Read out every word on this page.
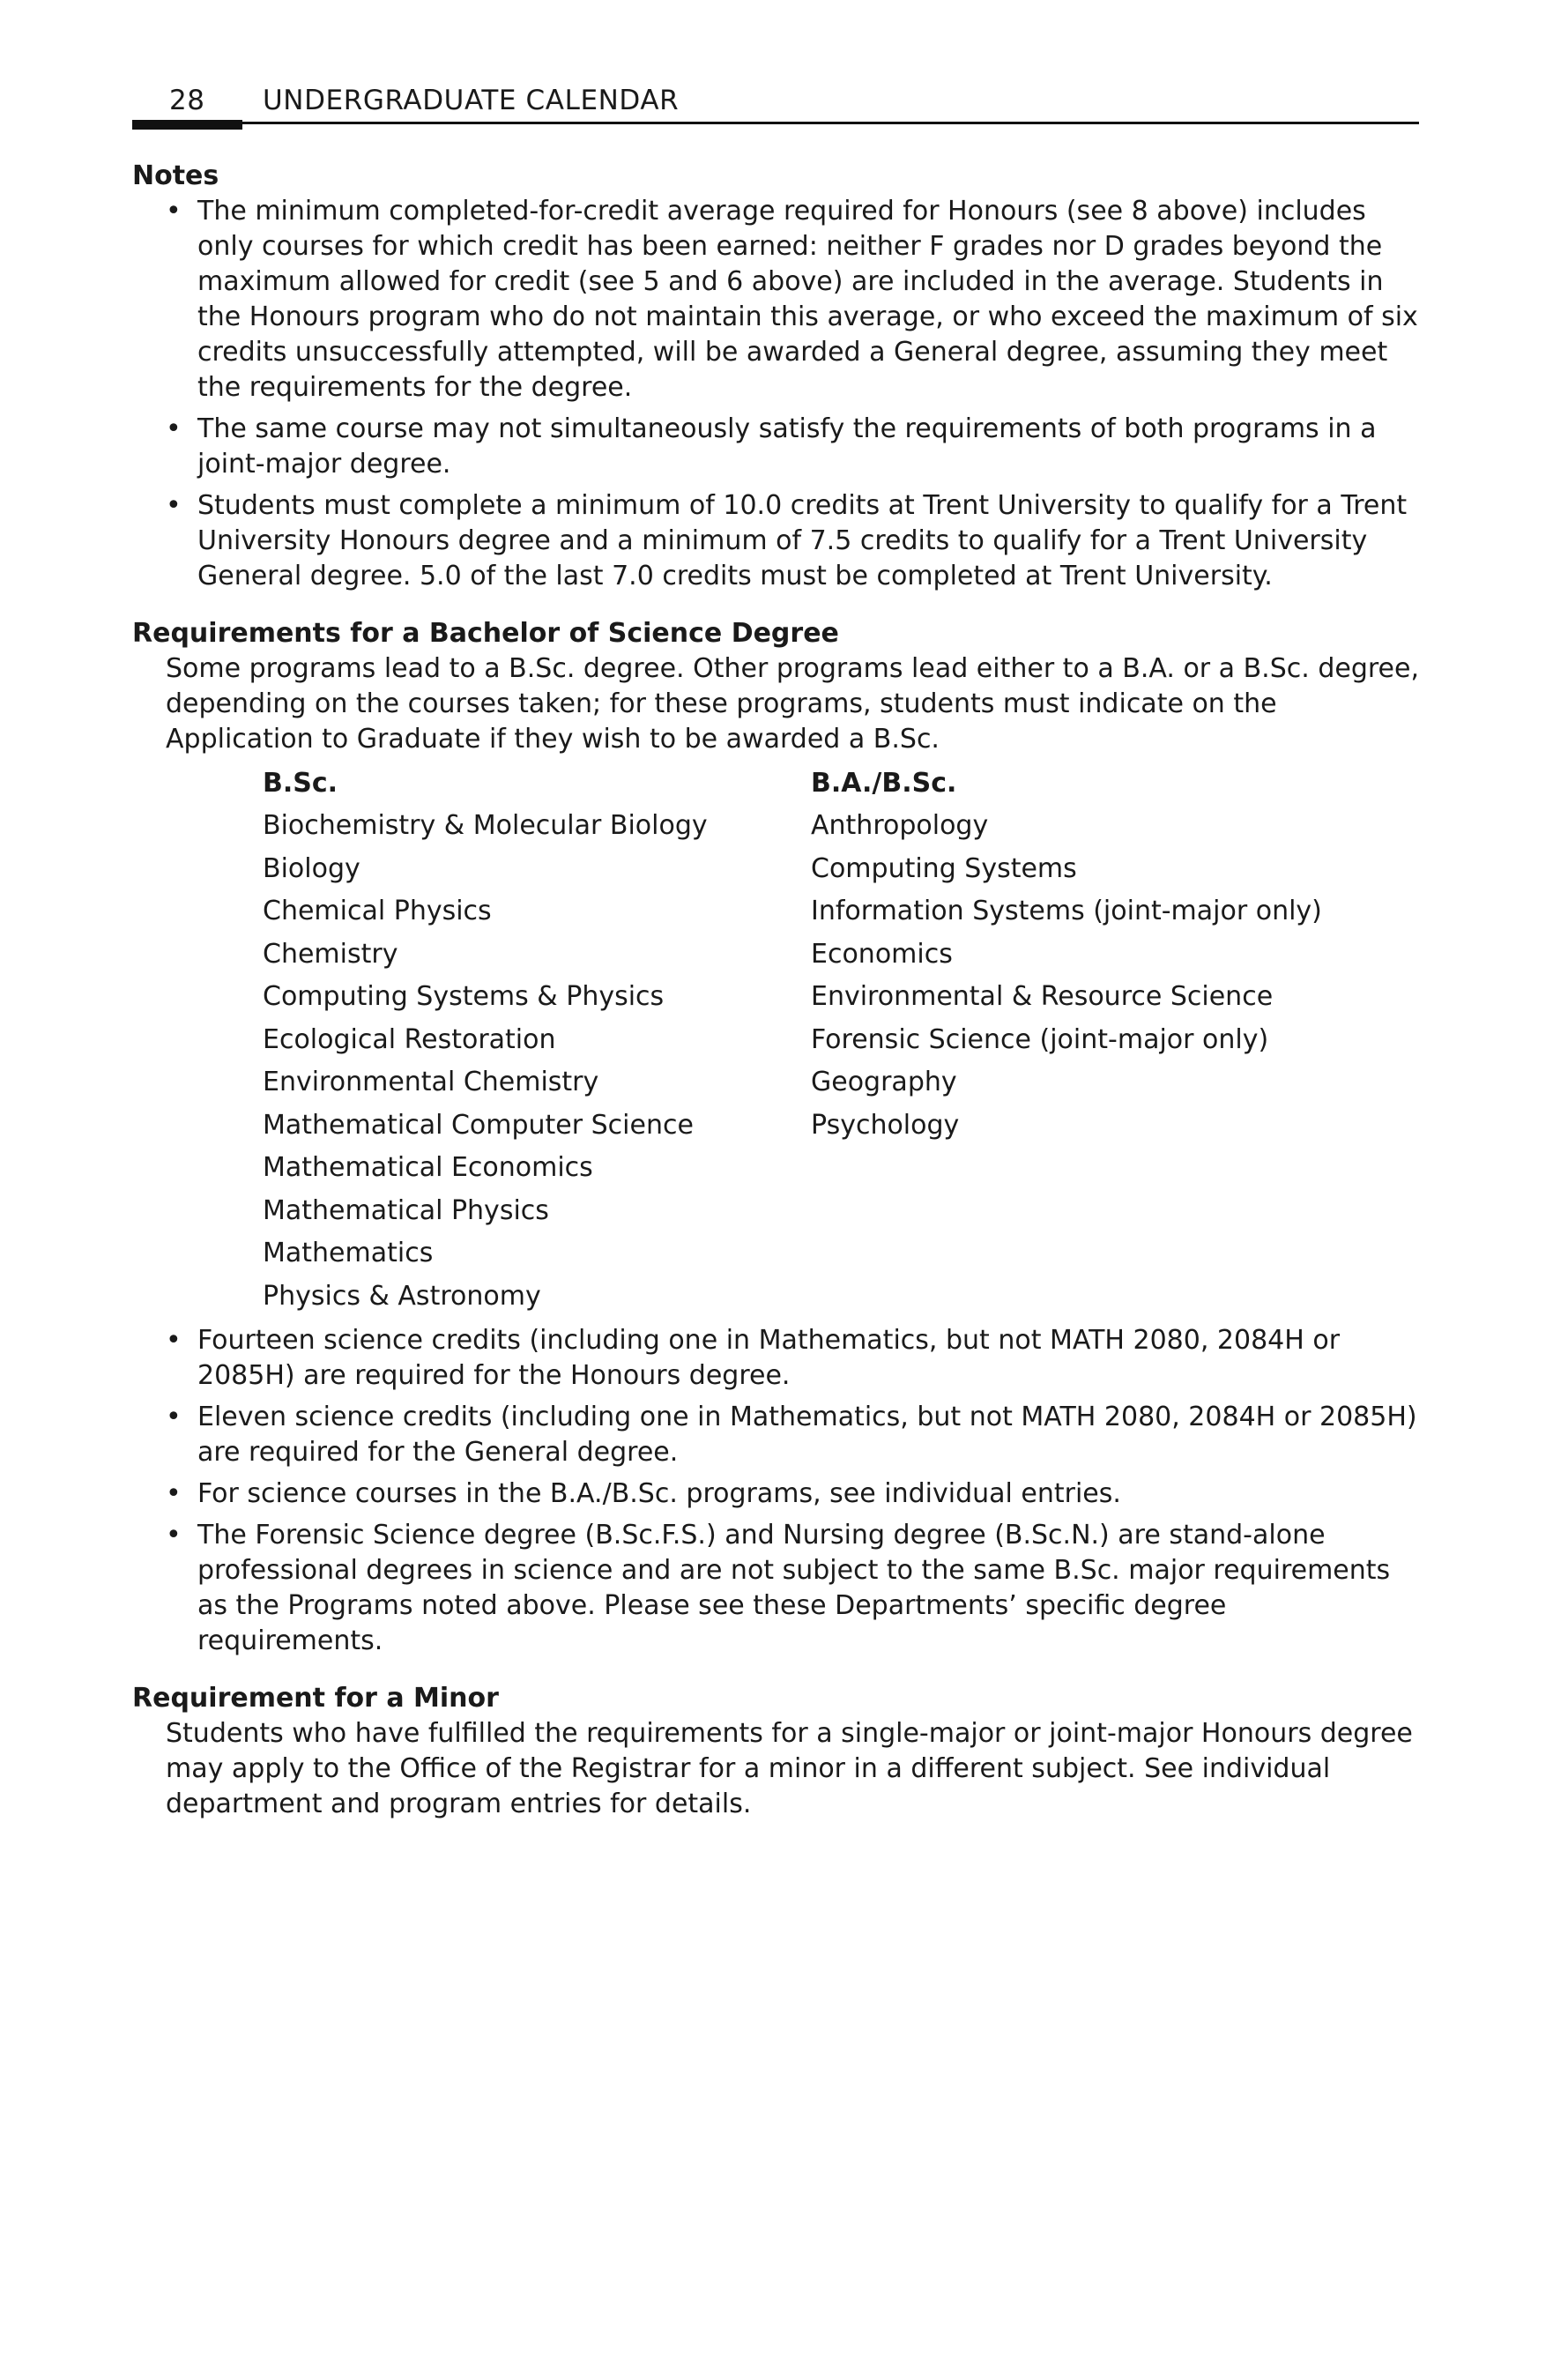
28 UNDERGRADUATE CALENDAR
Notes
• The minimum completed-for-credit average required for Honours (see 8 above) includes only courses for which credit has been earned: neither F grades nor D grades beyond the maximum allowed for credit (see 5 and 6 above) are included in the average. Students in the Honours program who do not maintain this average, or who exceed the maximum of six credits unsuccessfully attempted, will be awarded a General degree, assuming they meet the requirements for the degree.
• The same course may not simultaneously satisfy the requirements of both programs in a joint-major degree.
• Students must complete a minimum of 10.0 credits at Trent University to qualify for a Trent University Honours degree and a minimum of 7.5 credits to qualify for a Trent University General degree. 5.0 of the last 7.0 credits must be completed at Trent University.
Requirements for a Bachelor of Science Degree

Some programs lead to a B.Sc. degree. Other programs lead either to a B.A. or a B.Sc. degree, depending on the courses taken; for these programs, students must indicate on the Application to Graduate if they wish to be awarded a B.Sc.

B.Sc.
Biochemistry & Molecular Biology
Biology
Chemical Physics
Chemistry
Computing Systems & Physics
Ecological Restoration
Environmental Chemistry
Mathematical Computer Science
Mathematical Economics
Mathematical Physics
Mathematics
Physics & Astronomy
B.A./B.Sc.
Anthropology
Computing Systems
Information Systems (joint-major only)
Economics
Environmental & Resource Science
Forensic Science (joint-major only)
Geography
Psychology
• Fourteen science credits (including one in Mathematics, but not MATH 2080, 2084H or 2085H) are required for the Honours degree.
• Eleven science credits (including one in Mathematics, but not MATH 2080, 2084H or 2085H) are required for the General degree.
• For science courses in the B.A./B.Sc. programs, see individual entries.
• The Forensic Science degree (B.Sc.F.S.) and Nursing degree (B.Sc.N.) are stand-alone professional degrees in science and are not subject to the same B.Sc. major requirements as the Programs noted above. Please see these Departments’ specific degree requirements.
Requirement for a Minor

Students who have fulfilled the requirements for a single-major or joint-major Honours degree may apply to the Office of the Registrar for a minor in a different subject. See individual department and program entries for details.
